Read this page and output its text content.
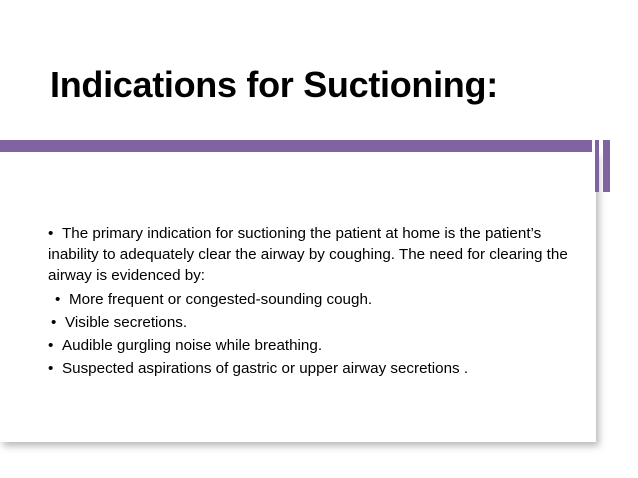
Indications for Suctioning:

• The primary indication for suctioning the patient at home is the patient’s inability to adequately clear the airway by coughing. The need for clearing the airway is evidenced by:

• More frequent or congested-sounding cough.
• Visible secretions.
• Audible gurgling noise while breathing.
• Suspected aspirations of gastric or upper airway secretions .
